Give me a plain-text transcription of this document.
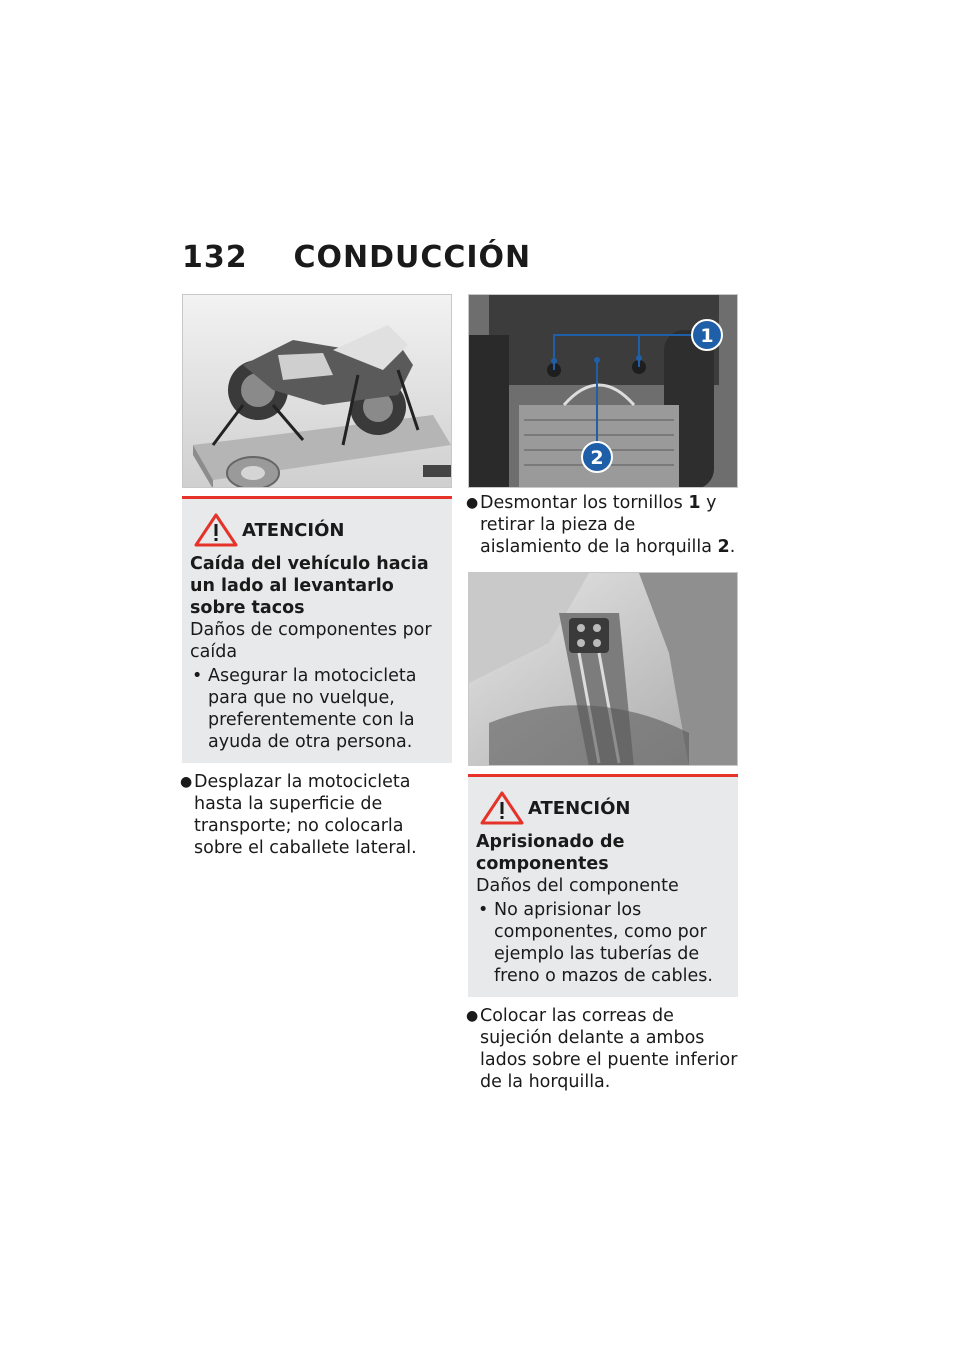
132 CONDUCCIÓN
ATENCIÓN
Caída del vehículo hacia un lado al levantarlo sobre tacos
Daños de componentes por caída
• Asegurar la motocicleta para que no vuelque, preferentemente con la ayuda de otra persona.
● Desplazar la motocicleta hasta la superficie de transporte; no colocarla sobre el caballete lateral.
1
2
● Desmontar los tornillos 1 y retirar la pieza de aislamiento de la horquilla 2.
ATENCIÓN
Aprisionado de componentes
Daños del componente
• No aprisionar los componentes, como por ejemplo las tuberías de freno o mazos de cables.
● Colocar las correas de sujeción delante a ambos lados sobre el puente inferior de la horquilla.
